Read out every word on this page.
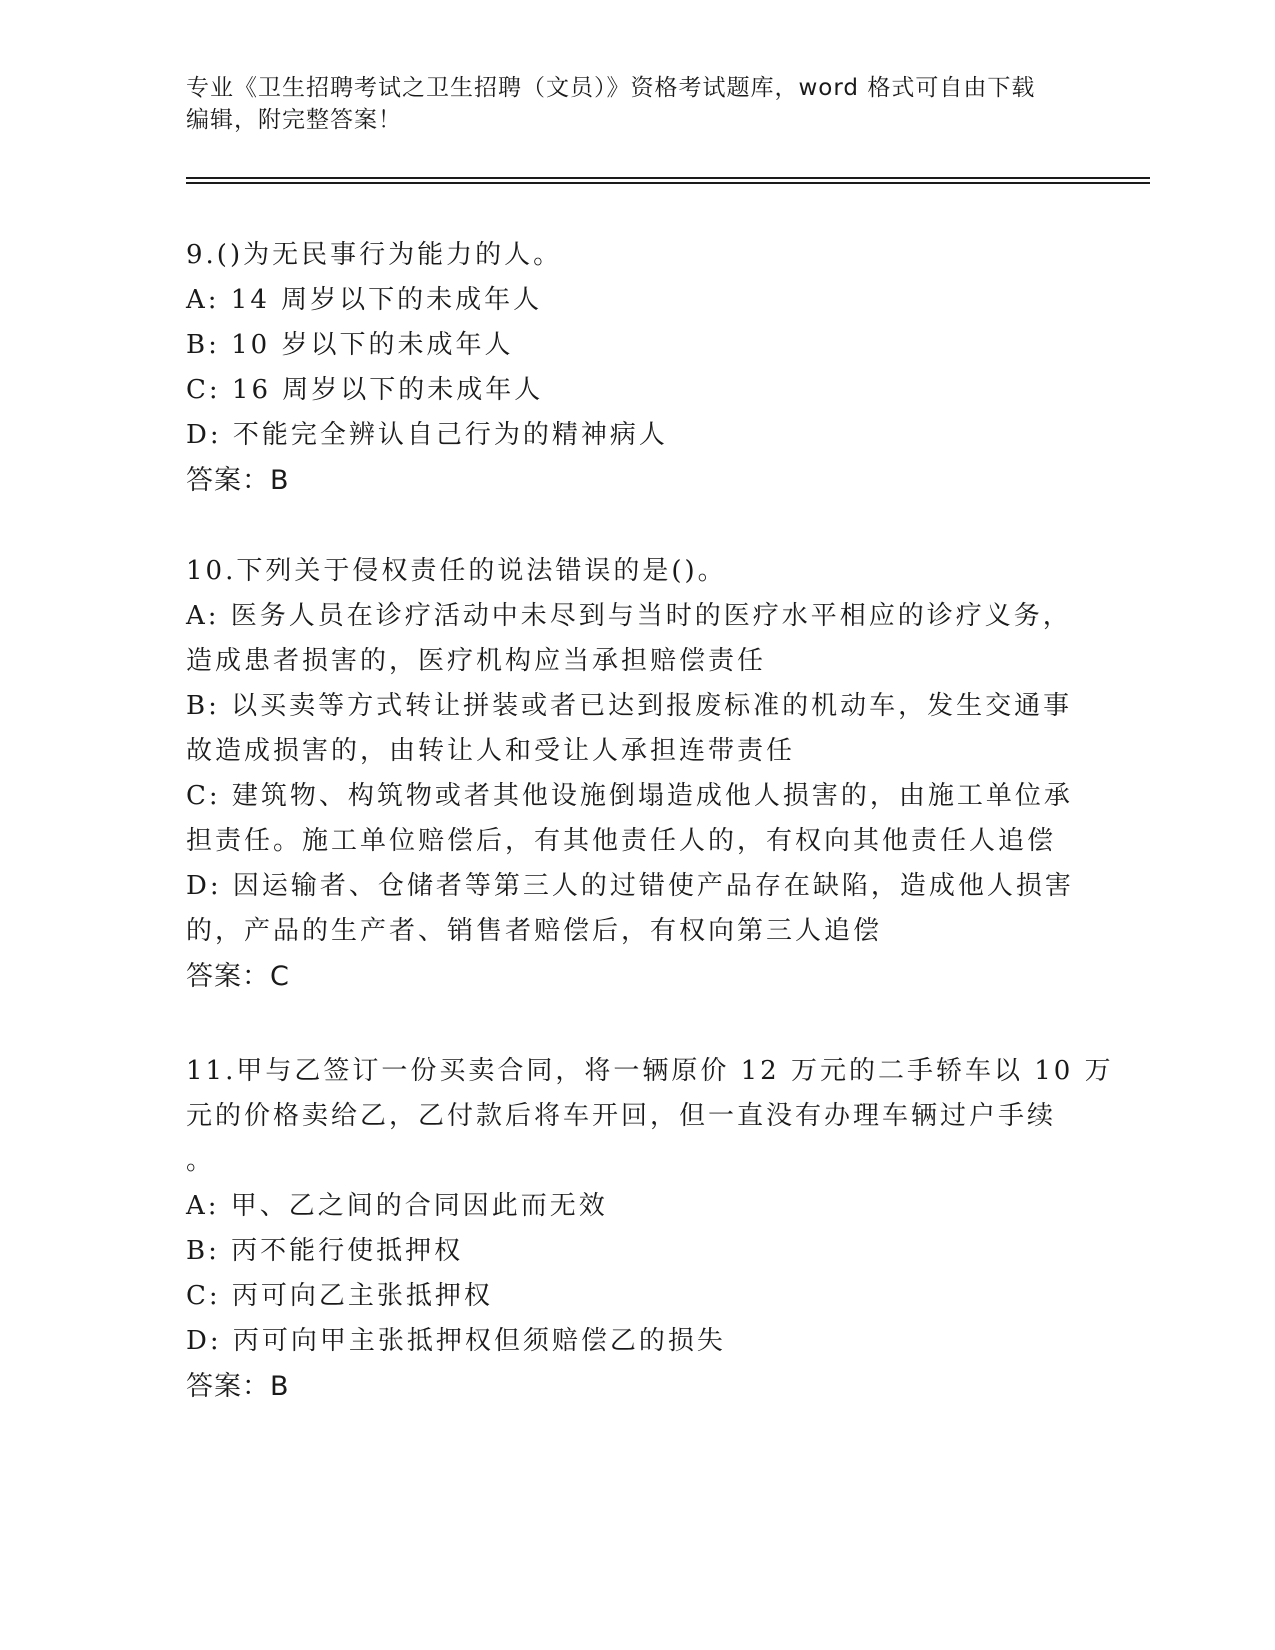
专业《卫生招聘考试之卫生招聘（文员）》资格考试题库，word 格式可自由下载
编辑，附完整答案！
9.()为无民事行为能力的人。
A: 14 周岁以下的未成年人
B: 10 岁以下的未成年人
C: 16 周岁以下的未成年人
D: 不能完全辨认自己行为的精神病人
答案：B
10.下列关于侵权责任的说法错误的是()。
A: 医务人员在诊疗活动中未尽到与当时的医疗水平相应的诊疗义务，
造成患者损害的，医疗机构应当承担赔偿责任
B: 以买卖等方式转让拼装或者已达到报废标准的机动车，发生交通事
故造成损害的，由转让人和受让人承担连带责任
C: 建筑物、构筑物或者其他设施倒塌造成他人损害的，由施工单位承
担责任。施工单位赔偿后，有其他责任人的，有权向其他责任人追偿
D: 因运输者、仓储者等第三人的过错使产品存在缺陷，造成他人损害
的，产品的生产者、销售者赔偿后，有权向第三人追偿
答案：C
11.甲与乙签订一份买卖合同，将一辆原价 12 万元的二手轿车以 10 万
元的价格卖给乙，乙付款后将车开回，但一直没有办理车辆过户手续
。
A: 甲、乙之间的合同因此而无效
B: 丙不能行使抵押权
C: 丙可向乙主张抵押权
D: 丙可向甲主张抵押权但须赔偿乙的损失
答案：B
